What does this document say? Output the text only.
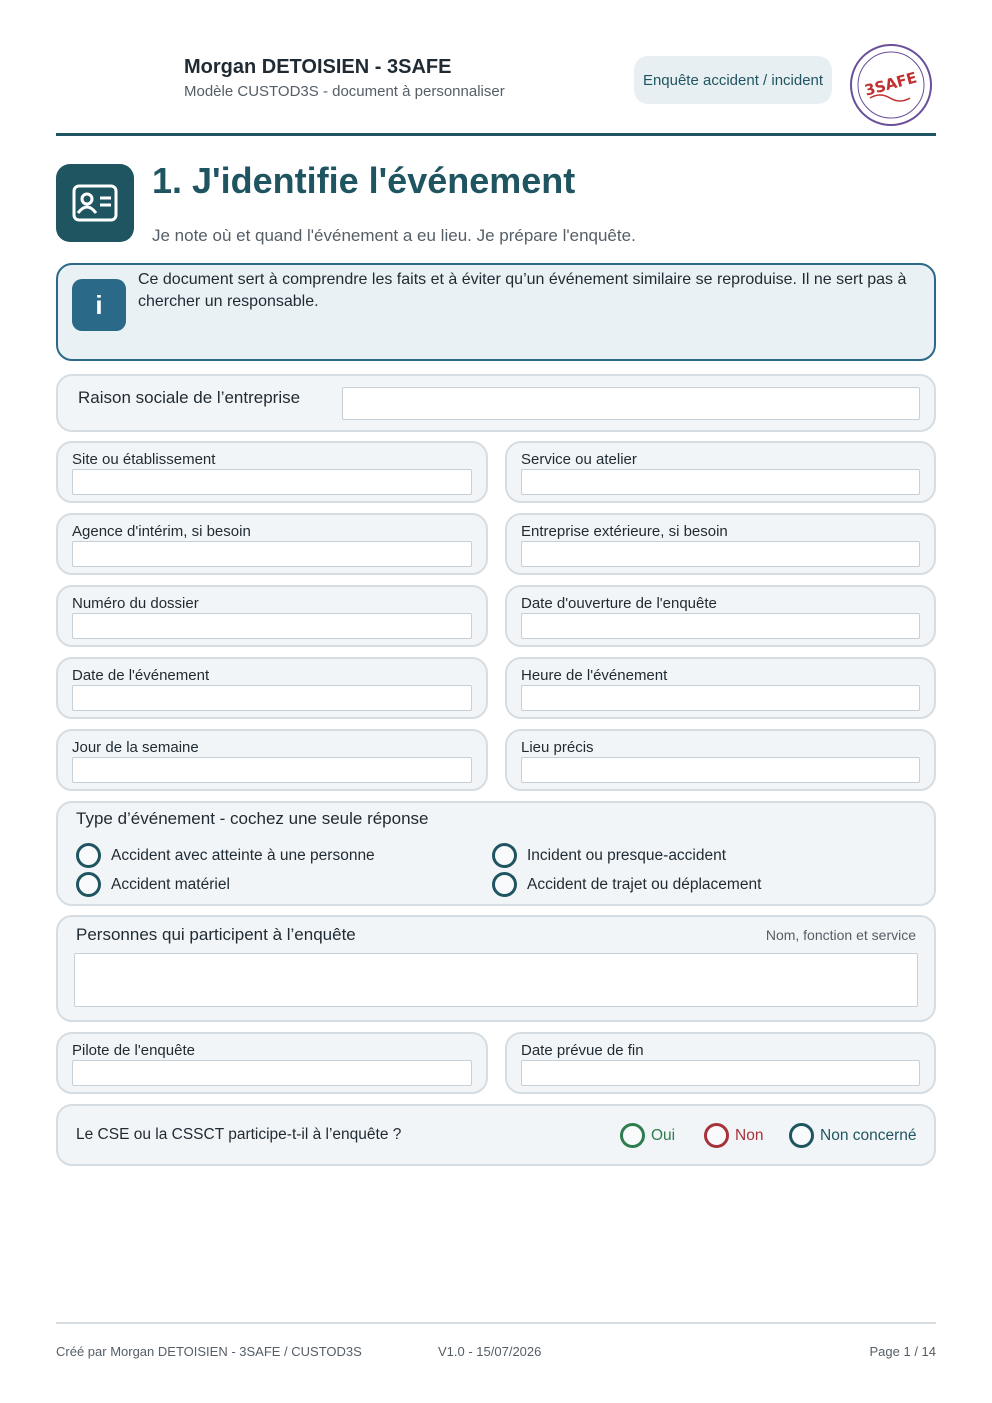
Morgan DETOISIEN - 3SAFE
Modèle CUSTOD3S - document à personnaliser
Enquête accident / incident	3SAFE
1. J'identifie l'événement
Je note où et quand l'événement a eu lieu. Je prépare l'enquête.
i
Ce document sert à comprendre les faits et à éviter qu’un événement similaire se reproduise. Il ne sert pas à chercher un responsable.
Raison sociale de l’entreprise
Site ou établissement	Service ou atelier
Agence d'intérim, si besoin	Entreprise extérieure, si besoin
Numéro du dossier	Date d'ouverture de l'enquête
Date de l'événement	Heure de l'événement
Jour de la semaine	Lieu précis
Type d’événement - cochez une seule réponse
Accident avec atteinte à une personne	Incident ou presque-accident
Accident matériel	Accident de trajet ou déplacement
Personnes qui participent à l’enquête	Nom, fonction et service
Pilote de l'enquête	Date prévue de fin
Le CSE ou la CSSCT participe-t-il à l’enquête ?	Oui	Non	Non concerné
Créé par Morgan DETOISIEN - 3SAFE / CUSTOD3S	V1.0 - 15/07/2026	Page 1 / 14
